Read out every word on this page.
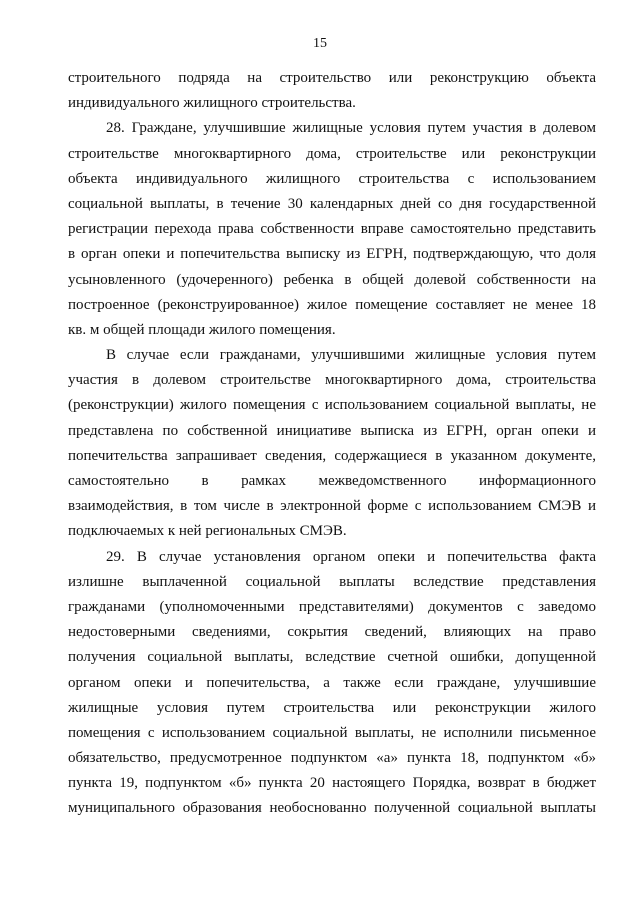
15
строительного подряда на строительство или реконструкцию объекта
индивидуального жилищного строительства.
28. Граждане, улучшившие жилищные условия путем участия в долевом
строительстве многоквартирного дома, строительстве или реконструкции
объекта индивидуального жилищного строительства с использованием
социальной выплаты, в течение 30 календарных дней со дня государственной
регистрации перехода права собственности вправе самостоятельно представить
в орган опеки и попечительства выписку из ЕГРН, подтверждающую, что доля
усыновленного (удочеренного) ребенка в общей долевой собственности на
построенное (реконструированное) жилое помещение составляет не менее 18
кв. м общей площади жилого помещения.
В случае если гражданами, улучшившими жилищные условия путем
участия в долевом строительстве многоквартирного дома, строительства
(реконструкции) жилого помещения с использованием социальной выплаты, не
представлена по собственной инициативе выписка из ЕГРН, орган опеки и
попечительства запрашивает сведения, содержащиеся в указанном документе,
самостоятельно в рамках межведомственного информационного
взаимодействия, в том числе в электронной форме с использованием СМЭВ и
подключаемых к ней региональных СМЭВ.
29. В случае установления органом опеки и попечительства факта
излишне выплаченной социальной выплаты вследствие представления
гражданами (уполномоченными представителями) документов с заведомо
недостоверными сведениями, сокрытия сведений, влияющих на право
получения социальной выплаты, вследствие счетной ошибки, допущенной
органом опеки и попечительства, а также если граждане, улучшившие
жилищные условия путем строительства или реконструкции жилого
помещения с использованием социальной выплаты, не исполнили письменное
обязательство, предусмотренное подпунктом «а» пункта 18, подпунктом «б»
пункта 19, подпунктом «б» пункта 20 настоящего Порядка, возврат в бюджет
муниципального образования необоснованно полученной социальной выплаты
